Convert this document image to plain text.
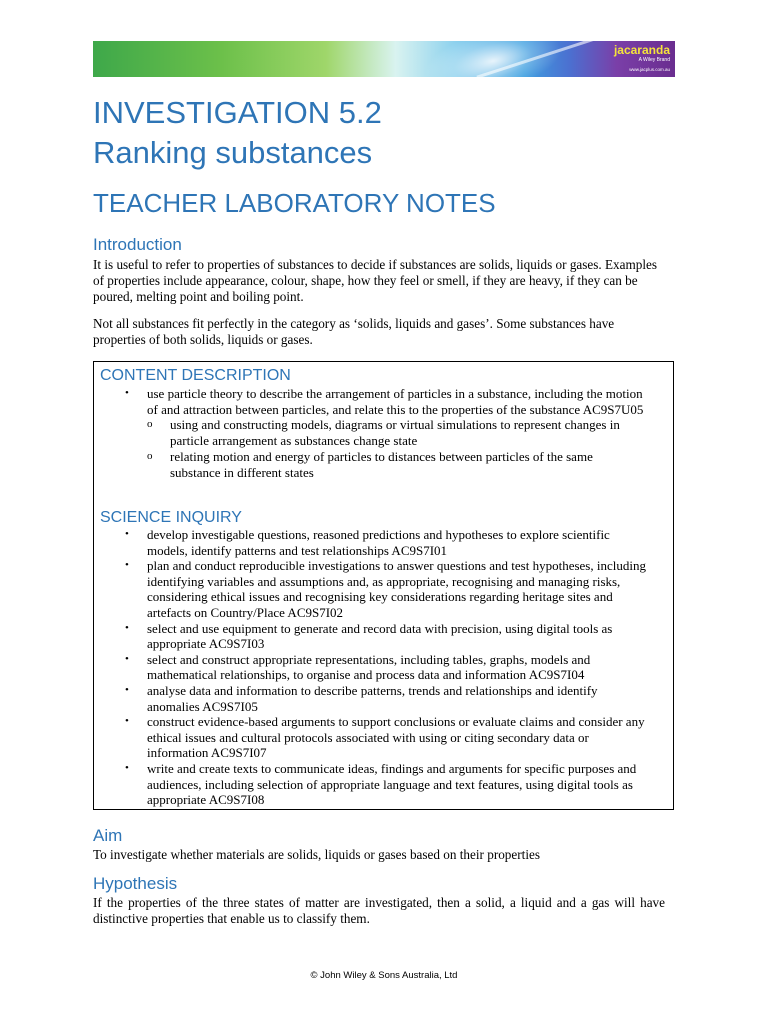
jacaranda
A Wiley Brand
www.jacplus.com.au
INVESTIGATION 5.2
Ranking substances
TEACHER LABORATORY NOTES
Introduction

It is useful to refer to properties of substances to decide if substances are solids, liquids or gases. Examples of properties include appearance, colour, shape, how they feel or smell, if they are heavy, if they can be poured, melting point and boiling point.

Not all substances fit perfectly in the category as ‘solids, liquids and gases’. Some substances have properties of both solids, liquids or gases.

CONTENT DESCRIPTION
• use particle theory to describe the arrangement of particles in a substance, including the motion of and attraction between particles, and relate this to the properties of the substance AC9S7U05
o using and constructing models, diagrams or virtual simulations to represent changes in particle arrangement as substances change state
o relating motion and energy of particles to distances between particles of the same substance in different states
SCIENCE INQUIRY
• develop investigable questions, reasoned predictions and hypotheses to explore scientific models, identify patterns and test relationships AC9S7I01
• plan and conduct reproducible investigations to answer questions and test hypotheses, including identifying variables and assumptions and, as appropriate, recognising and managing risks, considering ethical issues and recognising key considerations regarding heritage sites and artefacts on Country/Place AC9S7I02
• select and use equipment to generate and record data with precision, using digital tools as appropriate AC9S7I03
• select and construct appropriate representations, including tables, graphs, models and mathematical relationships, to organise and process data and information AC9S7I04
• analyse data and information to describe patterns, trends and relationships and identify anomalies AC9S7I05
• construct evidence-based arguments to support conclusions or evaluate claims and consider any ethical issues and cultural protocols associated with using or citing secondary data or information AC9S7I07
• write and create texts to communicate ideas, findings and arguments for specific purposes and audiences, including selection of appropriate language and text features, using digital tools as appropriate AC9S7I08
Aim

To investigate whether materials are solids, liquids or gases based on their properties

Hypothesis

If the properties of the three states of matter are investigated, then a solid, a liquid and a gas will have distinctive properties that enable us to classify them.

© John Wiley & Sons Australia, Ltd
